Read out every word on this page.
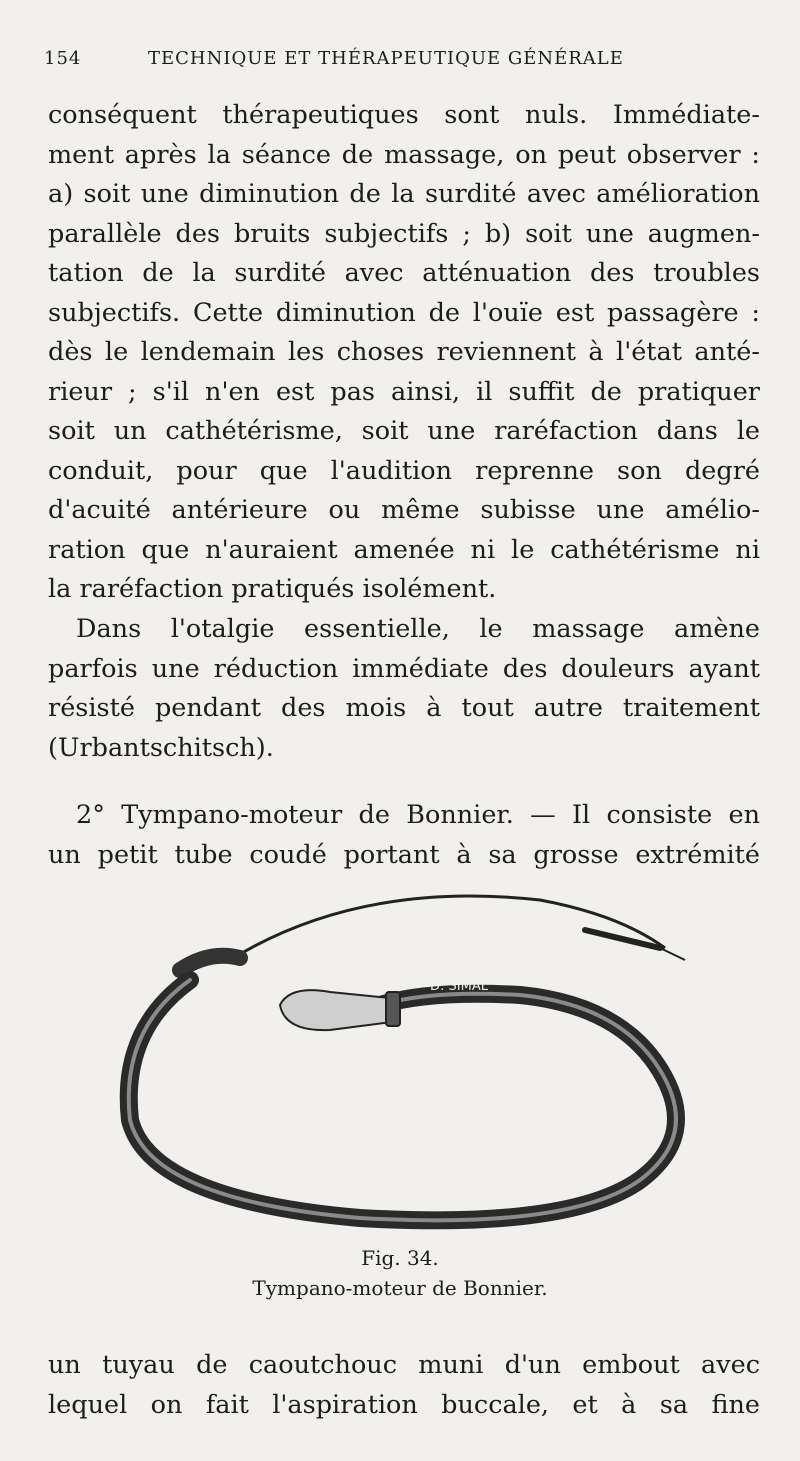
154	TECHNIQUE ET THÉRAPEUTIQUE GÉNÉRALE
conséquent thérapeutiques sont nuls. Immédiate-
ment après la séance de massage, on peut observer :
a) soit une diminution de la surdité avec amélioration
parallèle des bruits subjectifs ; b) soit une augmen-
tation de la surdité avec atténuation des troubles
subjectifs. Cette diminution de l'ouïe est passagère :
dès le lendemain les choses reviennent à l'état anté-
rieur ; s'il n'en est pas ainsi, il suffit de pratiquer
soit un cathétérisme, soit une raréfaction dans le
conduit, pour que l'audition reprenne son degré
d'acuité antérieure ou même subisse une amélio-
ration que n'auraient amenée ni le cathétérisme ni
la raréfaction pratiqués isolément.
Dans l'otalgie essentielle, le massage amène
parfois une réduction immédiate des douleurs ayant
résisté pendant des mois à tout autre traitement
(Urbantschitsch).
2° Tympano-moteur de Bonnier. — Il consiste en
un petit tube coudé portant à sa grosse extrémité
D: SIMAL
Fig. 34.
Tympano-moteur de Bonnier.
un tuyau de caoutchouc muni d'un embout avec
lequel on fait l'aspiration buccale, et à sa fine
